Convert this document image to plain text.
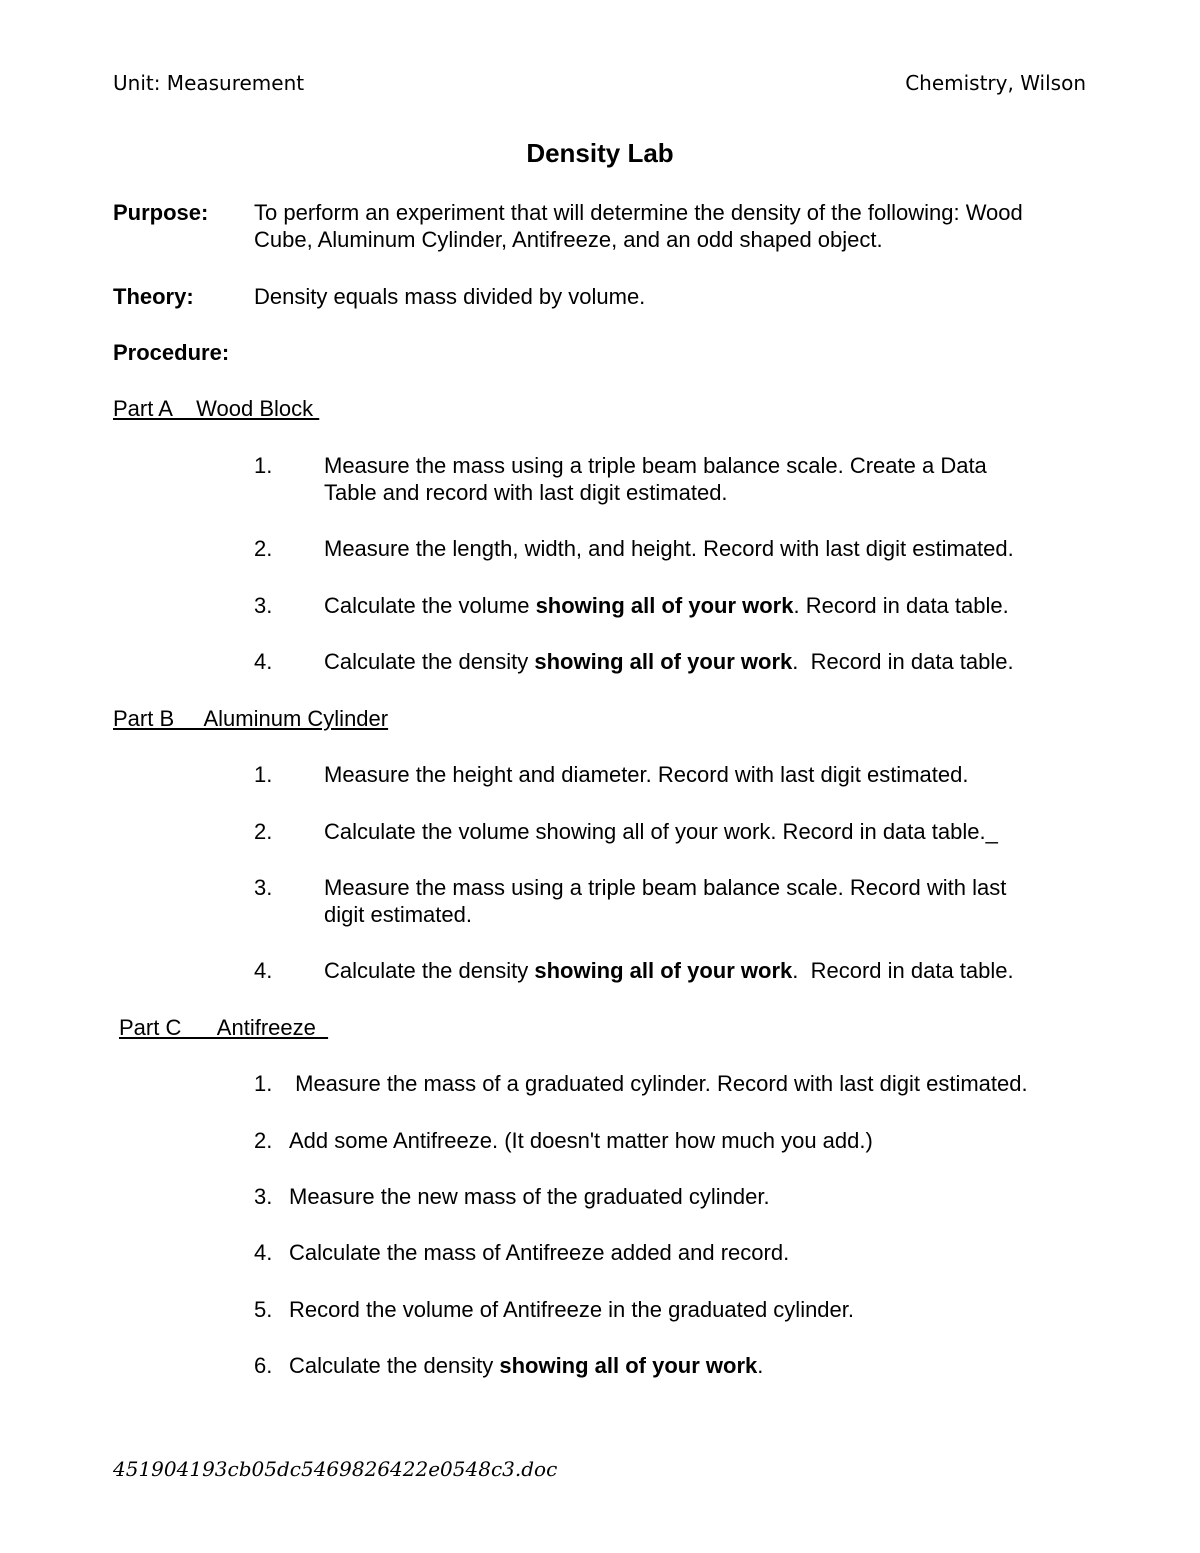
Unit: Measurement	Chemistry, Wilson
Density Lab
Purpose: To perform an experiment that will determine the density of the following: Wood
Cube, Aluminum Cylinder, Antifreeze, and an odd shaped object.
Theory:	Density equals mass divided by volume.
Procedure:
Part A    Wood Block
1. Measure the mass using a triple beam balance scale. Create a Data
Table and record with last digit estimated.
2. Measure the length, width, and height. Record with last digit estimated.
3. Calculate the volume showing all of your work. Record in data table.
4. Calculate the density showing all of your work.  Record in data table.
Part B     Aluminum Cylinder
1. Measure the height and diameter. Record with last digit estimated.
2. Calculate the volume showing all of your work. Record in data table._
3. Measure the mass using a triple beam balance scale. Record with last
digit estimated.
4. Calculate the density showing all of your work.  Record in data table.
Part C      Antifreeze
1. Measure the mass of a graduated cylinder. Record with last digit estimated.
2. Add some Antifreeze. (It doesn't matter how much you add.)
3. Measure the new mass of the graduated cylinder.
4. Calculate the mass of Antifreeze added and record.
5. Record the volume of Antifreeze in the graduated cylinder.
6. Calculate the density showing all of your work.
451904193cb05dc5469826422e0548c3.doc
